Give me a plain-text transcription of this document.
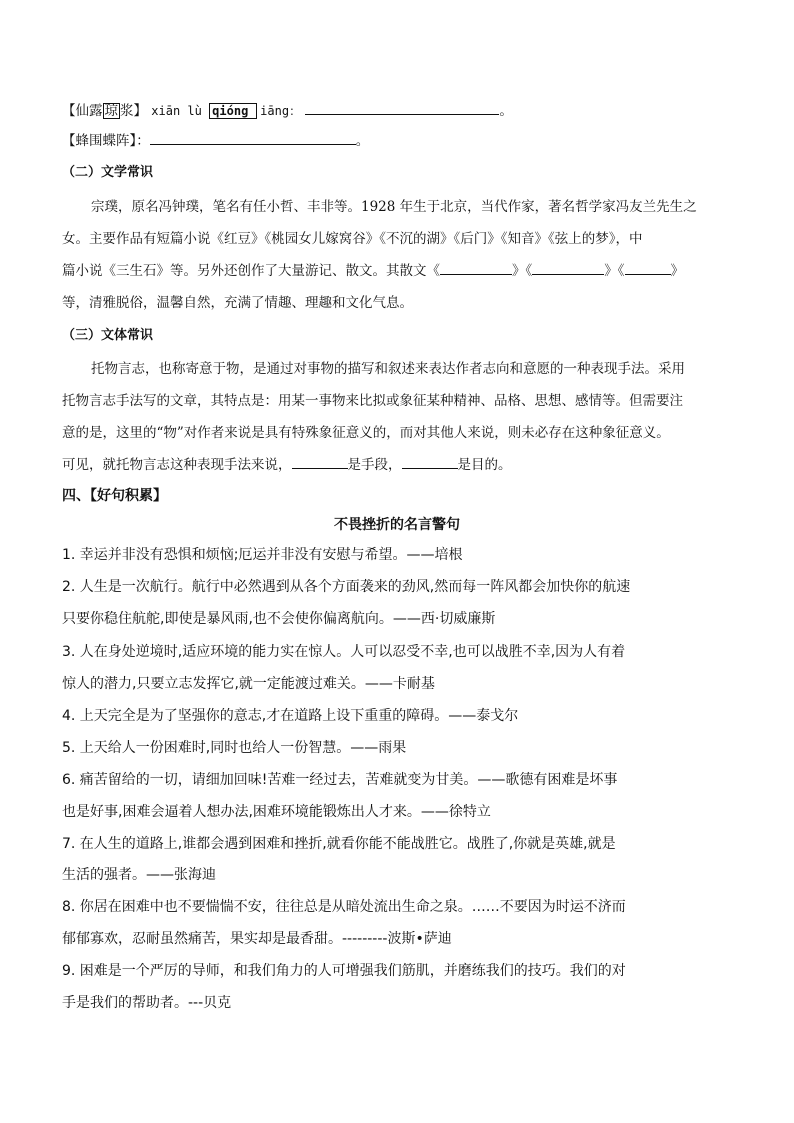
【仙露 琼 浆】 xiān lù qióng iāng：	。
【蜂围蝶阵】：	。
（二）文学常识
宗璞，原名冯钟璞，笔名有任小哲、丰非等。1928 年生于北京，当代作家，著名哲学家冯友兰先生之
女。主要作品有短篇小说《红豆》《桃园女儿嫁窝谷》《不沉的湖》《后门》《知音》《弦上的梦》，中
篇小说《三生石》等。另外还创作了大量游记、散文。其散文《	》《	》《	》
等，清雅脱俗，温馨自然，充满了情趣、理趣和文化气息。
（三）文体常识
托物言志，也称寄意于物，是通过对事物的描写和叙述来表达作者志向和意愿的一种表现手法。采用
托物言志手法写的文章，其特点是：用某一事物来比拟或象征某种精神、品格、思想、感情等。但需要注
意的是，这里的“物”对作者来说是具有特殊象征意义的，而对其他人来说，则未必存在这种象征意义。
可见，就托物言志这种表现手法来说，	是手段，	是目的。
四、【好句积累】
不畏挫折的名言警句
1. 幸运并非没有恐惧和烦恼;厄运并非没有安慰与希望。——培根
2. 人生是一次航行。航行中必然遇到从各个方面袭来的劲风,然而每一阵风都会加快你的航速
只要你稳住航舵,即使是暴风雨,也不会使你偏离航向。——西·切威廉斯
3. 人在身处逆境时,适应环境的能力实在惊人。人可以忍受不幸,也可以战胜不幸,因为人有着
惊人的潜力,只要立志发挥它,就一定能渡过难关。——卡耐基
4. 上天完全是为了坚强你的意志,才在道路上设下重重的障碍。——泰戈尔
5. 上天给人一份困难时,同时也给人一份智慧。——雨果
6. 痛苦留给的一切，请细加回味!苦难一经过去，苦难就变为甘美。——歌德有困难是坏事
也是好事,困难会逼着人想办法,困难环境能锻炼出人才来。——徐特立
7. 在人生的道路上,谁都会遇到困难和挫折,就看你能不能战胜它。战胜了,你就是英雄,就是
生活的强者。——张海迪
8. 你居在困难中也不要惴惴不安，往往总是从暗处流出生命之泉。……不要因为时运不济而
郁郁寡欢，忍耐虽然痛苦，果实却是最香甜。---------波斯•萨迪
9. 困难是一个严厉的导师，和我们角力的人可增强我们筋肌，并磨练我们的技巧。我们的对
手是我们的帮助者。---贝克
